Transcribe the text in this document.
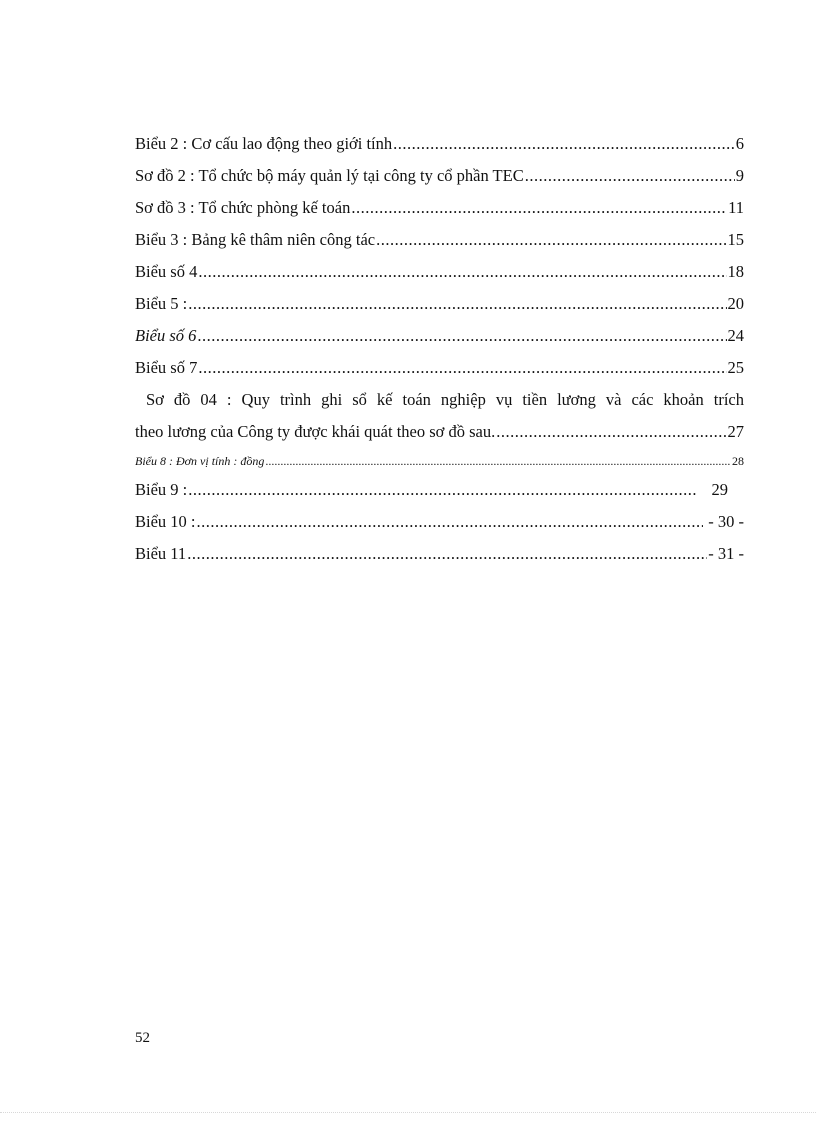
Biểu 2 : Cơ cấu lao động theo giới tính .....	6
Sơ đồ 2 : Tổ chức bộ máy quản lý tại công ty cổ phần TEC .....	9
Sơ đồ 3 : Tổ chức phòng kế toán .....	11
Biểu 3 : Bảng kê thâm niên công tác .....	15
Biểu số 4 .....	18
Biểu 5 : .....	20
Biểu số 6 .....	24
Biểu số 7 .....	25
Sơ đồ 04 : Quy trình ghi sổ kế toán nghiệp vụ tiền lương và các khoản trích
theo lương của Công ty được khái quát theo sơ đồ sau. .....	27
Biểu 8 : Đơn vị tính : đồng .....	28
Biểu 9 : .....	29
Biểu 10 : .....	- 30 -
Biểu 11 .....	- 31 -
52
